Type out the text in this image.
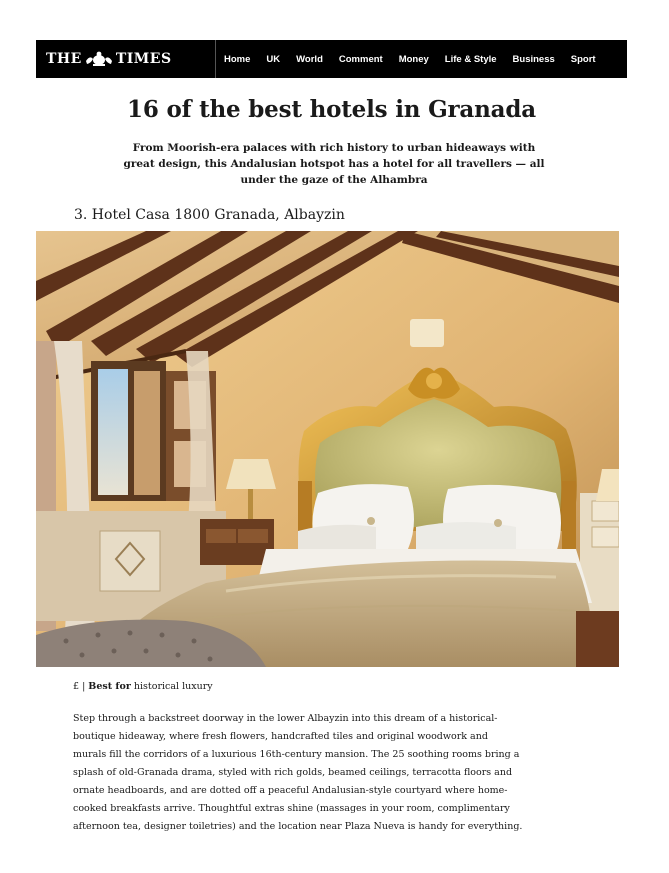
THE TIMES	Home UK World Comment Money Life & Style Business Sport
16 of the best hotels in Granada

From Moorish-era palaces with rich history to urban hideaways with great design, this Andalusian hotspot has a hotel for all travellers — all under the gaze of the Alhambra

3. Hotel Casa 1800 Granada, Albayzin
£ | Best for historical luxury

Step through a backstreet doorway in the lower Albayzin into this dream of a historical-boutique hideaway, where fresh flowers, handcrafted tiles and original woodwork and murals fill the corridors of a luxurious 16th-century mansion. The 25 soothing rooms bring a splash of old-Granada drama, styled with rich golds, beamed ceilings, terracotta floors and ornate headboards, and are dotted off a peaceful Andalusian-style courtyard where home-cooked breakfasts arrive. Thoughtful extras shine (massages in your room, complimentary afternoon tea, designer toiletries) and the location near Plaza Nueva is handy for everything.
